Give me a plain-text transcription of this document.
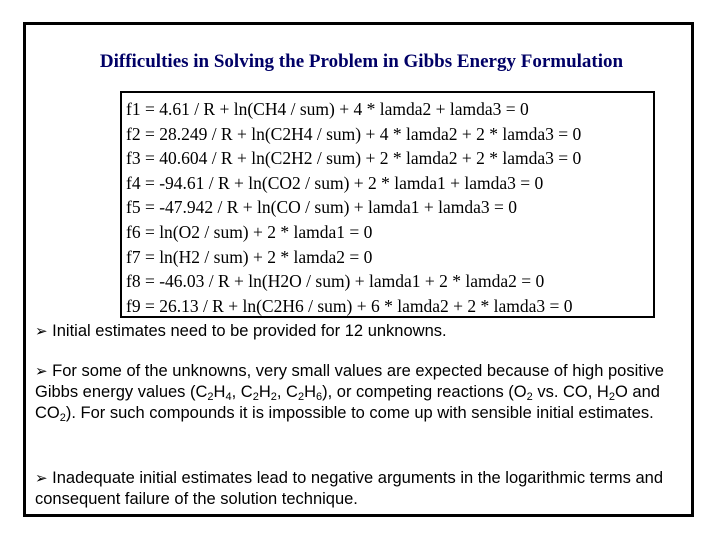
Difficulties in Solving the Problem in Gibbs Energy Formulation
f1 = 4.61 / R + ln(CH4 / sum) + 4 * lamda2 + lamda3 = 0
f2 = 28.249 / R + ln(C2H4 / sum) + 4 * lamda2 + 2 * lamda3 = 0
f3 = 40.604 / R + ln(C2H2 / sum) + 2 * lamda2 + 2 * lamda3 = 0
f4 = -94.61 / R + ln(CO2 / sum) + 2 * lamda1 + lamda3 = 0
f5 = -47.942 / R + ln(CO / sum) + lamda1 + lamda3 = 0
f6 = ln(O2 / sum) + 2 * lamda1 = 0
f7 = ln(H2 / sum) + 2 * lamda2 = 0
f8 = -46.03 / R + ln(H2O / sum) + lamda1 + 2 * lamda2 = 0
f9 = 26.13 / R + ln(C2H6 / sum) + 6 * lamda2 + 2 * lamda3 = 0
➢ Initial estimates need to be provided for 12 unknowns.
➢ For some of the unknowns, very small values are expected because of high positive Gibbs energy values ($C_2H_4$, $C_2H_2$, $C_2H_6$), or competing reactions ($O_2$ vs. CO, $H_2O$ and $CO_2$). For such compounds it is impossible to come up with sensible initial estimates.
➢ Inadequate initial estimates lead to negative arguments in the logarithmic terms and consequent failure of the solution technique.
